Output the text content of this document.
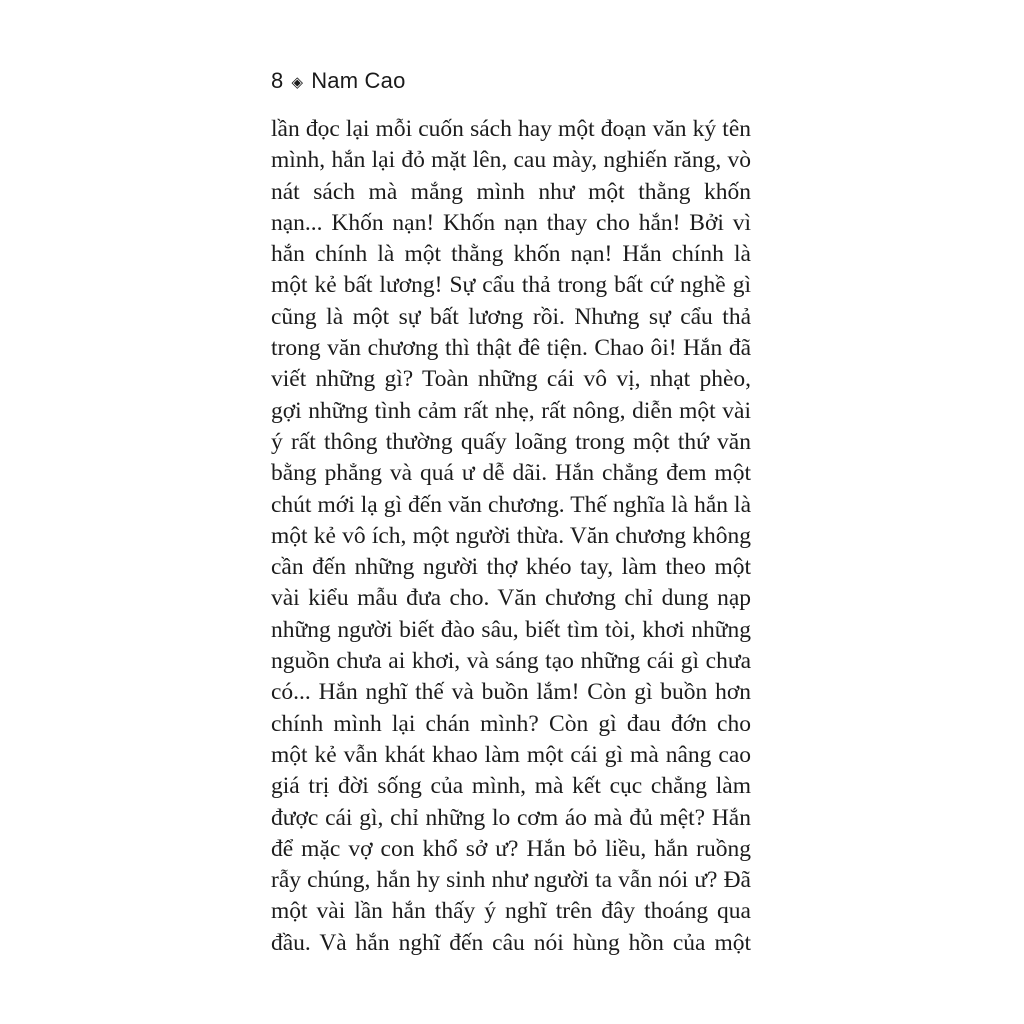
8 ◈ Nam Cao
lần đọc lại mỗi cuốn sách hay một đoạn văn ký tên
mình, hắn lại đỏ mặt lên, cau mày, nghiến răng, vò
nát sách mà mắng mình như một thằng khốn
nạn... Khốn nạn! Khốn nạn thay cho hắn! Bởi vì
hắn chính là một thằng khốn nạn! Hắn chính là
một kẻ bất lương! Sự cẩu thả trong bất cứ nghề gì
cũng là một sự bất lương rồi. Nhưng sự cẩu thả
trong văn chương thì thật đê tiện. Chao ôi! Hắn đã
viết những gì? Toàn những cái vô vị, nhạt phèo,
gợi những tình cảm rất nhẹ, rất nông, diễn một vài
ý rất thông thường quấy loãng trong một thứ văn
bằng phẳng và quá ư dễ dãi. Hắn chẳng đem một
chút mới lạ gì đến văn chương. Thế nghĩa là hắn là
một kẻ vô ích, một người thừa. Văn chương không
cần đến những người thợ khéo tay, làm theo một
vài kiểu mẫu đưa cho. Văn chương chỉ dung nạp
những người biết đào sâu, biết tìm tòi, khơi những
nguồn chưa ai khơi, và sáng tạo những cái gì chưa
có... Hắn nghĩ thế và buồn lắm! Còn gì buồn hơn
chính mình lại chán mình? Còn gì đau đớn cho
một kẻ vẫn khát khao làm một cái gì mà nâng cao
giá trị đời sống của mình, mà kết cục chẳng làm
được cái gì, chỉ những lo cơm áo mà đủ mệt? Hắn
để mặc vợ con khổ sở ư? Hắn bỏ liều, hắn ruồng
rẫy chúng, hắn hy sinh như người ta vẫn nói ư? Đã
một vài lần hắn thấy ý nghĩ trên đây thoáng qua
đầu. Và hắn nghĩ đến câu nói hùng hồn của một
